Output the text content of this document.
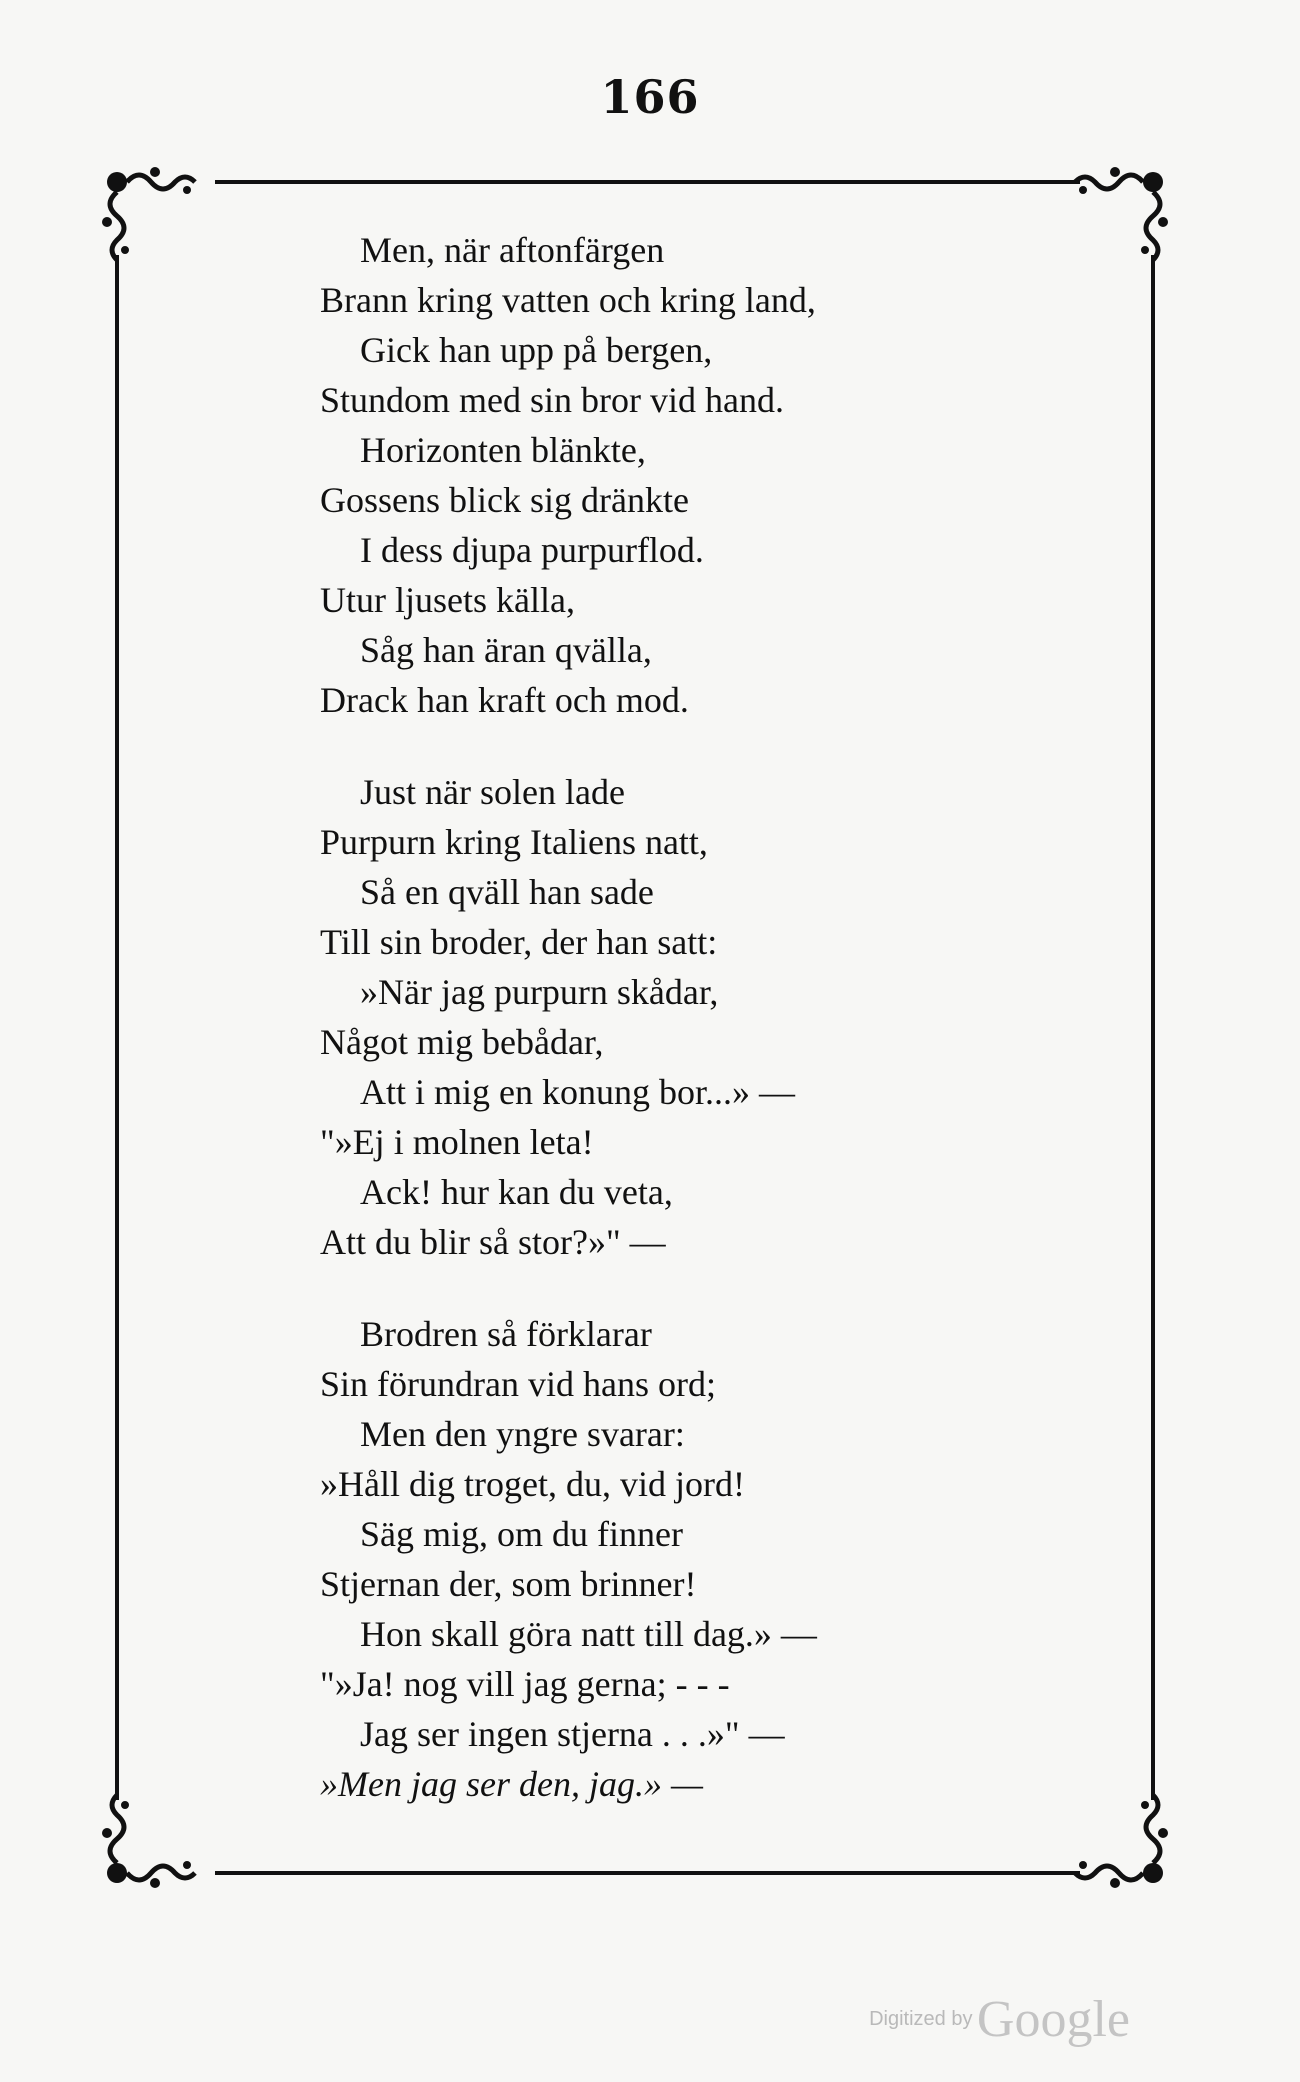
166
Men, när aftonfärgen
Brann kring vatten och kring land,
Gick han upp på bergen,
Stundom med sin bror vid hand.
Horizonten blänkte,
Gossens blick sig dränkte
I dess djupa purpurflod.
Utur ljusets källa,
Såg han äran qvälla,
Drack han kraft och mod.
Just när solen lade
Purpurn kring Italiens natt,
Så en qväll han sade
Till sin broder, der han satt:
»När jag purpurn skådar,
Något mig bebådar,
Att i mig en konung bor...» —
"»Ej i molnen leta!
Ack! hur kan du veta,
Att du blir så stor?»" —
Brodren så förklarar
Sin förundran vid hans ord;
Men den yngre svarar:
»Håll dig troget, du, vid jord!
Säg mig, om du finner
Stjernan der, som brinner!
Hon skall göra natt till dag.» —
"»Ja! nog vill jag gerna; - - -
Jag ser ingen stjerna . . .»" —
»Men jag ser den, jag.» —
Digitized by Google
